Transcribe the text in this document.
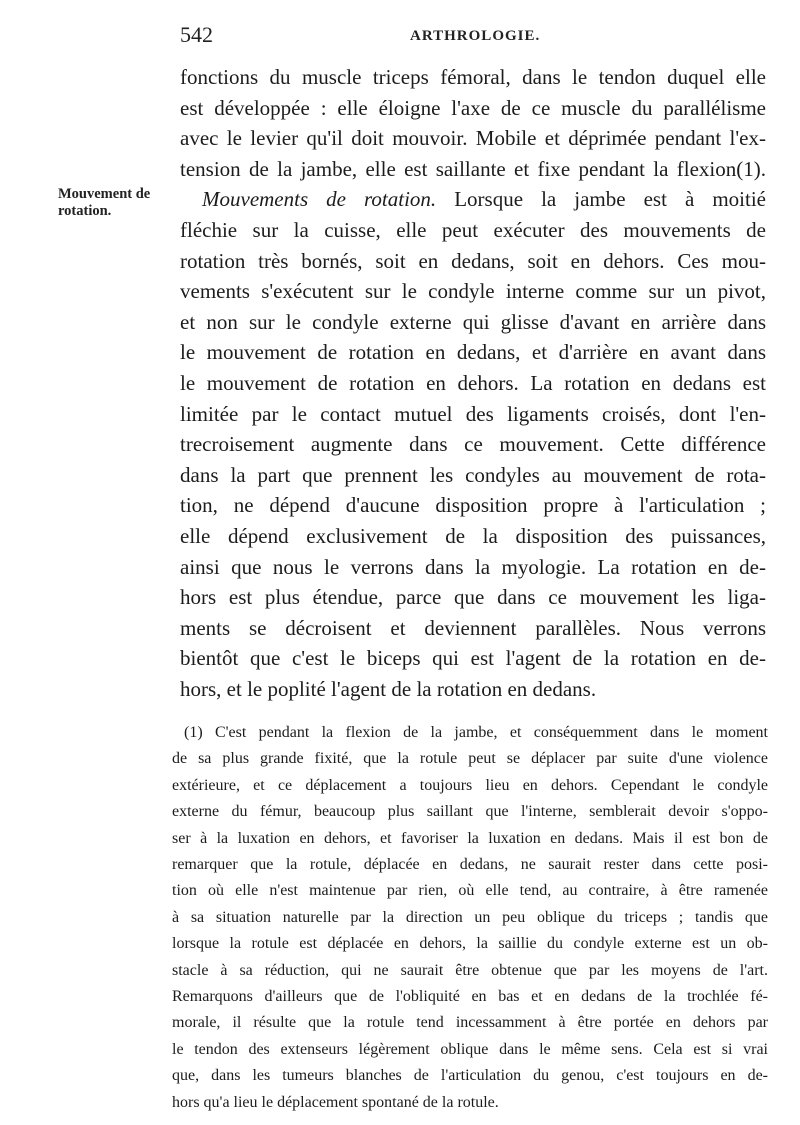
542	ARTHROLOGIE.
Mouvement de
rotation.
fonctions du muscle triceps fémoral, dans le tendon duquel elle
est développée : elle éloigne l'axe de ce muscle du parallélisme
avec le levier qu'il doit mouvoir. Mobile et déprimée pendant l'ex-
tension de la jambe, elle est saillante et fixe pendant la flexion(1).
Mouvements de rotation. Lorsque la jambe est à moitié
fléchie sur la cuisse, elle peut exécuter des mouvements de
rotation très bornés, soit en dedans, soit en dehors. Ces mou-
vements s'exécutent sur le condyle interne comme sur un pivot,
et non sur le condyle externe qui glisse d'avant en arrière dans
le mouvement de rotation en dedans, et d'arrière en avant dans
le mouvement de rotation en dehors. La rotation en dedans est
limitée par le contact mutuel des ligaments croisés, dont l'en-
trecroisement augmente dans ce mouvement. Cette différence
dans la part que prennent les condyles au mouvement de rota-
tion, ne dépend d'aucune disposition propre à l'articulation ;
elle dépend exclusivement de la disposition des puissances,
ainsi que nous le verrons dans la myologie. La rotation en de-
hors est plus étendue, parce que dans ce mouvement les liga-
ments se décroisent et deviennent parallèles. Nous verrons
bientôt que c'est le biceps qui est l'agent de la rotation en de-
hors, et le poplité l'agent de la rotation en dedans.
(1) C'est pendant la flexion de la jambe, et conséquemment dans le moment
de sa plus grande fixité, que la rotule peut se déplacer par suite d'une violence
extérieure, et ce déplacement a toujours lieu en dehors. Cependant le condyle
externe du fémur, beaucoup plus saillant que l'interne, semblerait devoir s'oppo-
ser à la luxation en dehors, et favoriser la luxation en dedans. Mais il est bon de
remarquer que la rotule, déplacée en dedans, ne saurait rester dans cette posi-
tion où elle n'est maintenue par rien, où elle tend, au contraire, à être ramenée
à sa situation naturelle par la direction un peu oblique du triceps ; tandis que
lorsque la rotule est déplacée en dehors, la saillie du condyle externe est un ob-
stacle à sa réduction, qui ne saurait être obtenue que par les moyens de l'art.
Remarquons d'ailleurs que de l'obliquité en bas et en dedans de la trochlée fé-
morale, il résulte que la rotule tend incessamment à être portée en dehors par
le tendon des extenseurs légèrement oblique dans le même sens. Cela est si vrai
que, dans les tumeurs blanches de l'articulation du genou, c'est toujours en de-
hors qu'a lieu le déplacement spontané de la rotule.
